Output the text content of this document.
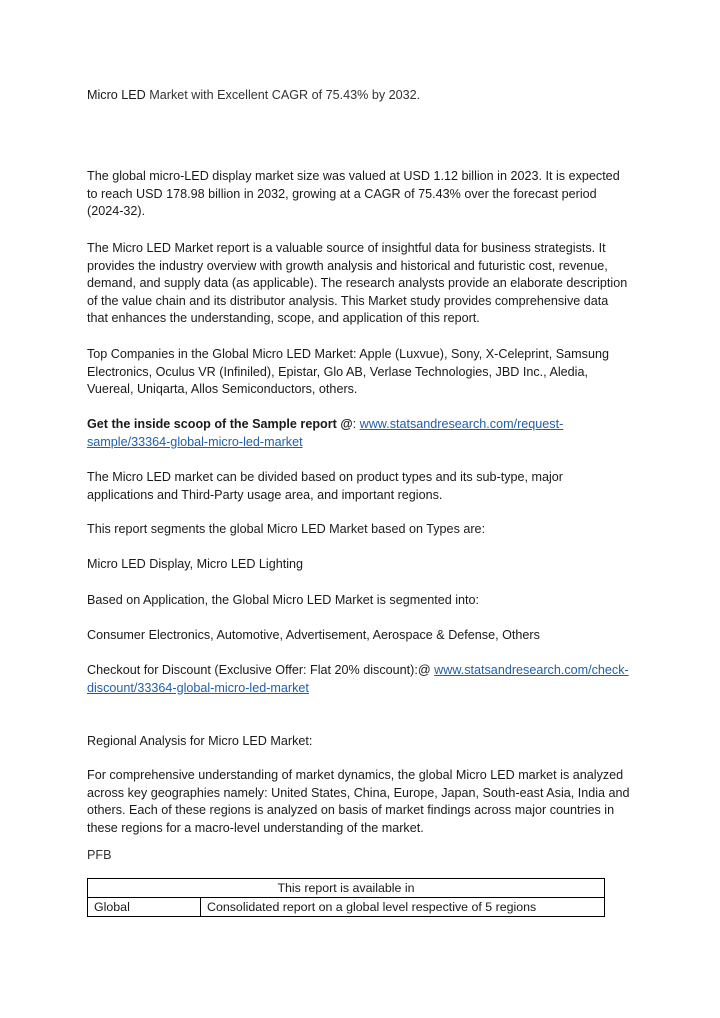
Micro LED Market with Excellent CAGR of 75.43% by 2032.

The global micro-LED display market size was valued at USD 1.12 billion in 2023. It is expected to reach USD 178.98 billion in 2032, growing at a CAGR of 75.43% over the forecast period (2024-32).

The Micro LED Market report is a valuable source of insightful data for business strategists. It provides the industry overview with growth analysis and historical and futuristic cost, revenue, demand, and supply data (as applicable). The research analysts provide an elaborate description of the value chain and its distributor analysis. This Market study provides comprehensive data that enhances the understanding, scope, and application of this report.

Top Companies in the Global Micro LED Market: Apple (Luxvue), Sony, X-Celeprint, Samsung Electronics, Oculus VR (Infiniled), Epistar, Glo AB, Verlase Technologies, JBD Inc., Aledia, Vuereal, Uniqarta, Allos Semiconductors, others.

Get the inside scoop of the Sample report @: www.statsandresearch.com/request-sample/33364-global-micro-led-market

The Micro LED market can be divided based on product types and its sub-type, major applications and Third-Party usage area, and important regions.

This report segments the global Micro LED Market based on Types are:

Micro LED Display, Micro LED Lighting

Based on Application, the Global Micro LED Market is segmented into:

Consumer Electronics, Automotive, Advertisement, Aerospace & Defense, Others

Checkout for Discount (Exclusive Offer: Flat 20% discount):@ www.statsandresearch.com/check-discount/33364-global-micro-led-market

Regional Analysis for Micro LED Market:

For comprehensive understanding of market dynamics, the global Micro LED market is analyzed across key geographies namely: United States, China, Europe, Japan, South-east Asia, India and others. Each of these regions is analyzed on basis of market findings across major countries in these regions for a macro-level understanding of the market.

PFB

This report is available in
Global	Consolidated report on a global level respective of 5 regions
